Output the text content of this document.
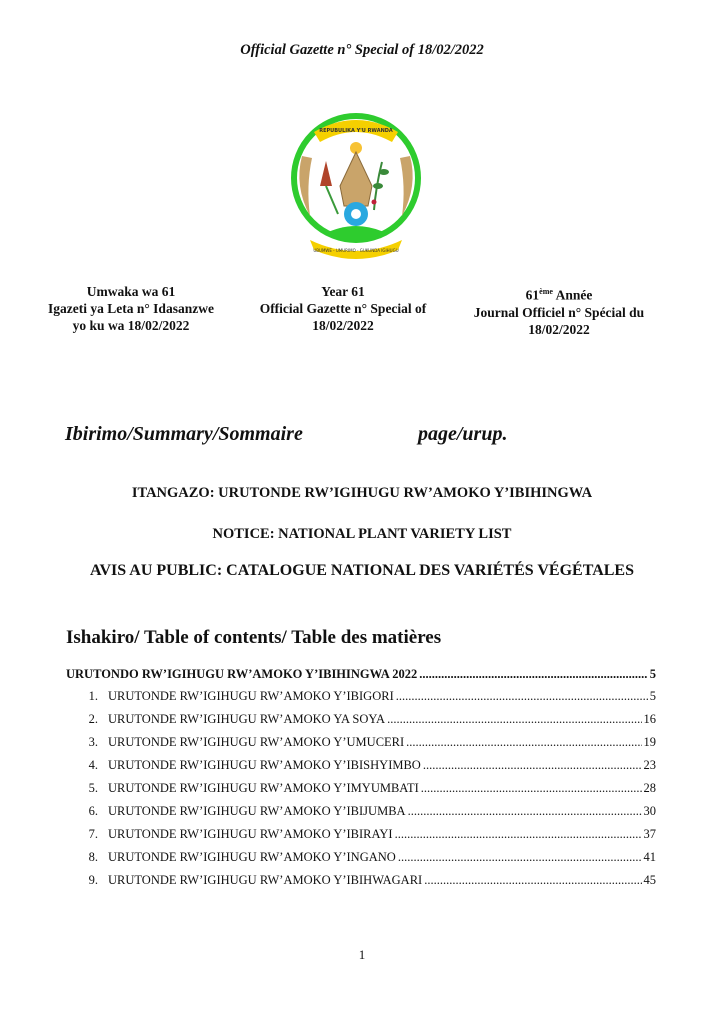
Official Gazette n° Special of 18/02/2022
REPUBULIKA Y'U RWANDA
UBUMWE - UMURIMO - GUKUNDA IGIHUGU
Umwaka wa 61
Igazeti ya Leta n° Idasanzwe
yo ku wa 18/02/2022
Year 61
Official Gazette n° Special of
18/02/2022
61ème Année
Journal Officiel n° Spécial du
18/02/2022
Ibirimo/Summary/Sommaire	page/urup.
ITANGAZO: URUTONDE RW’IGIHUGU RW’AMOKO Y’IBIHINGWA
NOTICE: NATIONAL PLANT VARIETY LIST
AVIS AU PUBLIC: CATALOGUE NATIONAL DES VARIÉTÉS VÉGÉTALES
Ishakiro/ Table of contents/ Table des matières
URUTONDO RW’IGIHUGU RW’AMOKO Y’IBIHINGWA 2022 .....	5
1. URUTONDE RW’IGIHUGU RW’AMOKO Y’IBIGORI .....	5
2. URUTONDE RW’IGIHUGU RW’AMOKO YA SOYA .....	16
3. URUTONDE RW’IGIHUGU RW’AMOKO Y’UMUCERI .....	19
4. URUTONDE RW’IGIHUGU RW’AMOKO Y’IBISHYIMBO .....	23
5. URUTONDE RW’IGIHUGU RW’AMOKO Y’IMYUMBATI .....	28
6. URUTONDE RW’IGIHUGU RW’AMOKO Y’IBIJUMBA .....	30
7. URUTONDE RW’IGIHUGU RW’AMOKO Y’IBIRAYI .....	37
8. URUTONDE RW’IGIHUGU RW’AMOKO Y’INGANO .....	41
9. URUTONDE RW’IGIHUGU RW’AMOKO Y’IBIHWAGARI .....	45
1
